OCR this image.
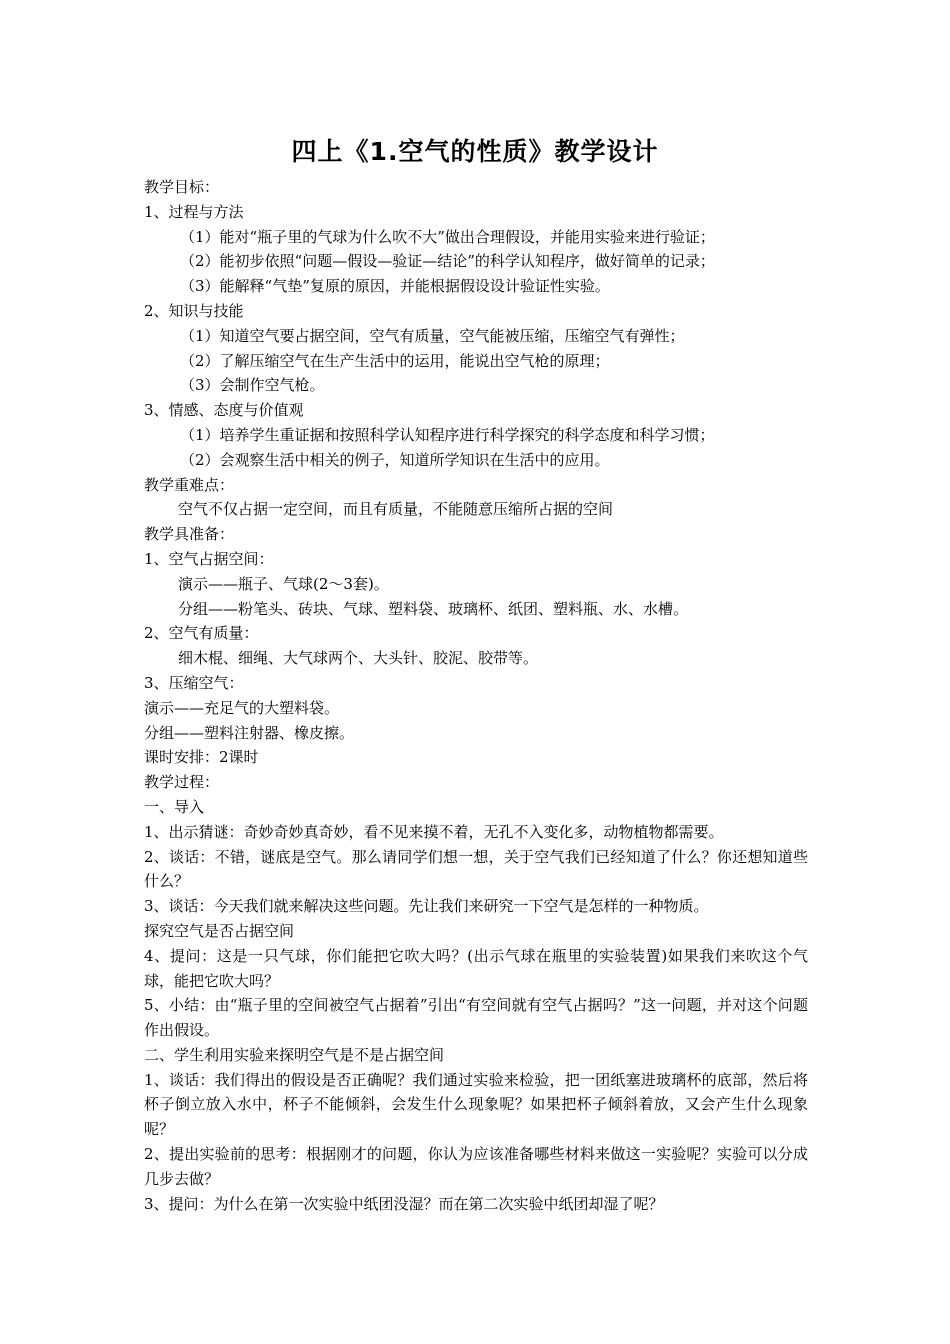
四上《1.空气的性质》教学设计
教学目标：
1、过程与方法
（1）能对“瓶子里的气球为什么吹不大”做出合理假设，并能用实验来进行验证；
（2）能初步依照“问题—假设—验证—结论”的科学认知程序，做好简单的记录；
（3）能解释“气垫”复原的原因，并能根据假设设计验证性实验。
2、知识与技能
（1）知道空气要占据空间，空气有质量，空气能被压缩，压缩空气有弹性；
（2）了解压缩空气在生产生活中的运用，能说出空气枪的原理；
（3）会制作空气枪。
3、情感、态度与价值观
（1）培养学生重证据和按照科学认知程序进行科学探究的科学态度和科学习惯；
（2）会观察生活中相关的例子，知道所学知识在生活中的应用。
教学重难点：
空气不仅占据一定空间，而且有质量，不能随意压缩所占据的空间
教学具准备：
1、空气占据空间：
演示——瓶子、气球(2～3套)。
分组——粉笔头、砖块、气球、塑料袋、玻璃杯、纸团、塑料瓶、水、水槽。
2、空气有质量：
细木棍、细绳、大气球两个、大头针、胶泥、胶带等。
3、压缩空气：
演示——充足气的大塑料袋。
分组——塑料注射器、橡皮擦。
课时安排：2课时
教学过程：
一、导入
1、出示猜谜：奇妙奇妙真奇妙，看不见来摸不着，无孔不入变化多，动物植物都需要。
2、谈话：不错，谜底是空气。那么请同学们想一想，关于空气我们已经知道了什么？你还想知道些什么？
3、谈话：今天我们就来解决这些问题。先让我们来研究一下空气是怎样的一种物质。
探究空气是否占据空间
4、提问：这是一只气球，你们能把它吹大吗？(出示气球在瓶里的实验装置)如果我们来吹这个气球，能把它吹大吗？
5、小结：由“瓶子里的空间被空气占据着”引出“有空间就有空气占据吗？”这一问题，并对这个问题作出假设。
二、学生利用实验来探明空气是不是占据空间
1、谈话：我们得出的假设是否正确呢？我们通过实验来检验，把一团纸塞进玻璃杯的底部，然后将杯子倒立放入水中，杯子不能倾斜，会发生什么现象呢？如果把杯子倾斜着放，又会产生什么现象呢？
2、提出实验前的思考：根据刚才的问题，你认为应该准备哪些材料来做这一实验呢？实验可以分成几步去做？
3、提问：为什么在第一次实验中纸团没湿？而在第二次实验中纸团却湿了呢？
